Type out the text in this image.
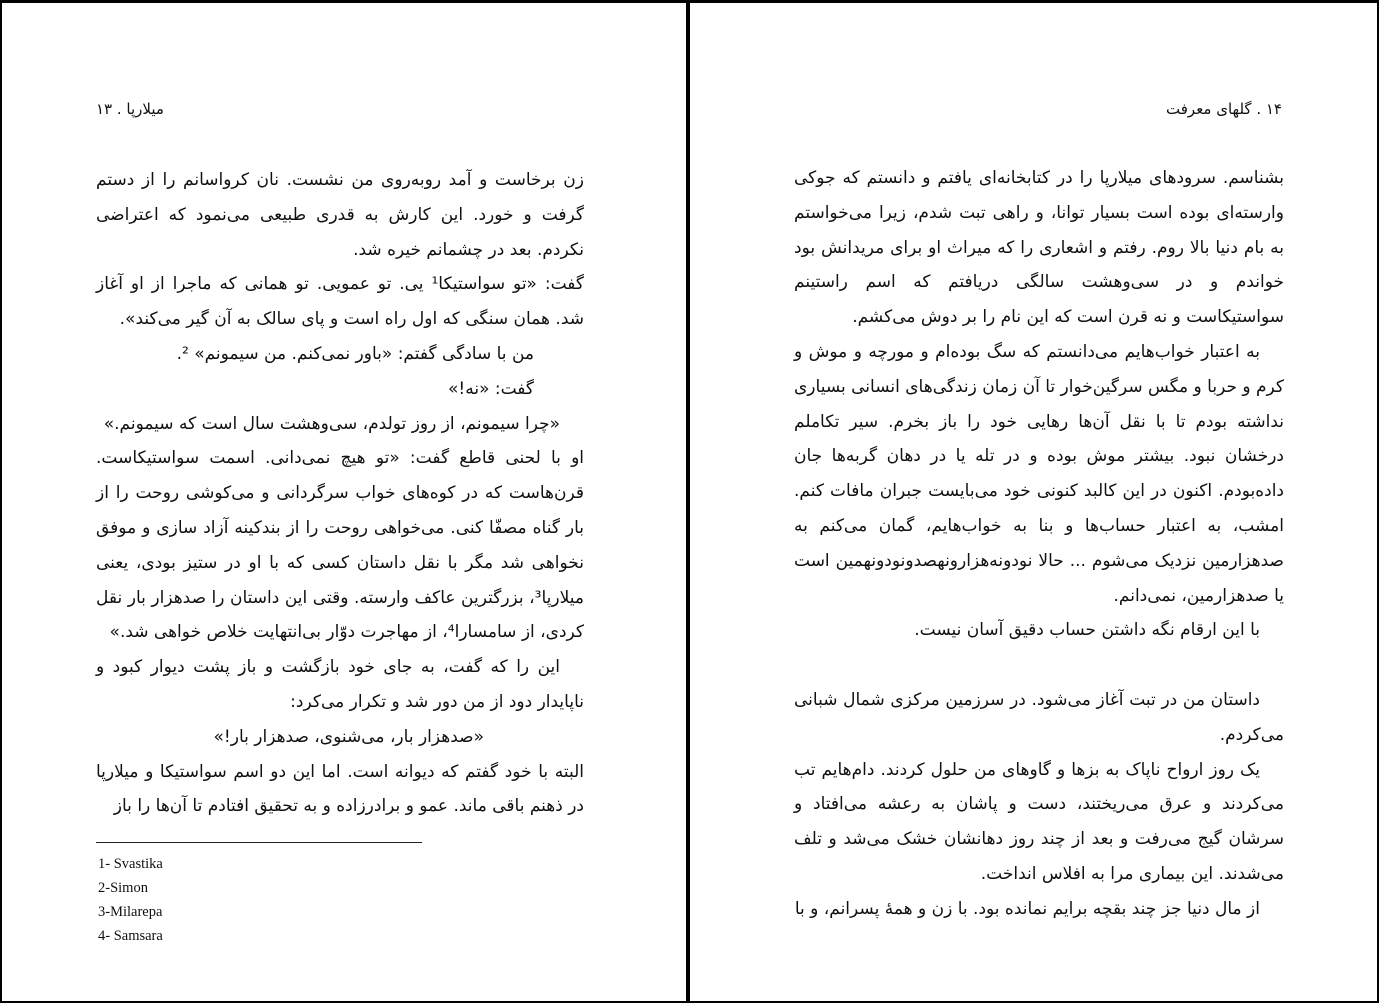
میلارپا . ۱۳

زن برخاست و آمد روبه‌روی من نشست. نان کرواسانم را از دستم گرفت و خورد. این کارش به قدری طبیعی می‌نمود که اعتراضی نکردم. بعد در چشمانم خیره شد.

گفت: «تو سواستیکا¹ یی. تو عمویی. تو همانی که ماجرا از او آغاز شد. همان سنگی که اول راه است و پای سالک به آن گیر می‌کند».

من با سادگی گفتم: «باور نمی‌کنم. من سیمونم» ².

گفت: «نه!»

«چرا سیمونم، از روز تولدم، سی‌وهشت سال است که سیمونم.»

او با لحنی قاطع گفت: «تو هیچ نمی‌دانی. اسمت سواستیکاست. قرن‌هاست که در کوه‌های خواب سرگردانی و می‌کوشی روحت را از بار گناه مصفّا کنی. می‌خواهی روحت را از بندکینه آزاد سازی و موفق نخواهی شد مگر با نقل داستان کسی که با او در ستیز بودی، یعنی میلارپا³، بزرگترین عاکف وارسته. وقتی این داستان را صدهزار بار نقل کردی، از سامسارا⁴، از مهاجرت دوّار بی‌انتهایت خلاص خواهی شد.»

این را که گفت، به جای خود بازگشت و باز پشت دیوار کبود و ناپایدار دود از من دور شد و تکرار می‌کرد:

«صدهزار بار، می‌شنوی، صدهزار بار!»

البته با خود گفتم که دیوانه است. اما این دو اسم سواستیکا و میلارپا در ذهنم باقی ماند. عمو و برادرزاده و به تحقیق افتادم تا آن‌ها را باز

1- Svastika
2-Simon
3-Milarepa
4- Samsara
۱۴ . گلهای معرفت

بشناسم. سرودهای میلارپا را در کتابخانه‌ای یافتم و دانستم که جوکی وارسته‌ای بوده است بسیار توانا، و راهی تبت شدم، زیرا می‌خواستم به بام دنیا بالا روم. رفتم و اشعاری را که میراث او برای مریدانش بود خواندم و در سی‌وهشت سالگی دریافتم که اسم راستینم سواستیکاست و نه قرن است که این نام را بر دوش می‌کشم.

به اعتبار خواب‌هایم می‌دانستم که سگ بوده‌ام و مورچه و موش و کرم و حربا و مگس سرگین‌خوار تا آن زمان زندگی‌های انسانی بسیاری نداشته بودم تا با نقل آن‌ها رهایی خود را باز بخرم. سیر تکاملم درخشان نبود. بیشتر موش بوده و در تله یا در دهان گربه‌ها جان داده‌بودم. اکنون در این کالبد کنونی خود می‌بایست جبران مافات کنم. امشب، به اعتبار حساب‌ها و بنا به خواب‌هایم، گمان می‌کنم به صدهزارمین نزدیک می‌شوم ... حالا نودونه‌هزارونهصدونودونهمین است یا صدهزارمین، نمی‌دانم.

با این ارقام نگه داشتن حساب دقیق آسان نیست.

داستان من در تبت آغاز می‌شود. در سرزمین مرکزی شمال شبانی می‌کردم.

یک روز ارواح ناپاک به بزها و گاوهای من حلول کردند. دام‌هایم تب می‌کردند و عرق می‌ریختند، دست و پاشان به رعشه می‌افتاد و سرشان گیج می‌رفت و بعد از چند روز دهانشان خشک می‌شد و تلف می‌شدند. این بیماری مرا به افلاس انداخت.

از مال دنیا جز چند بقچه برایم نمانده بود. با زن و همهٔ پسرانم، و با
